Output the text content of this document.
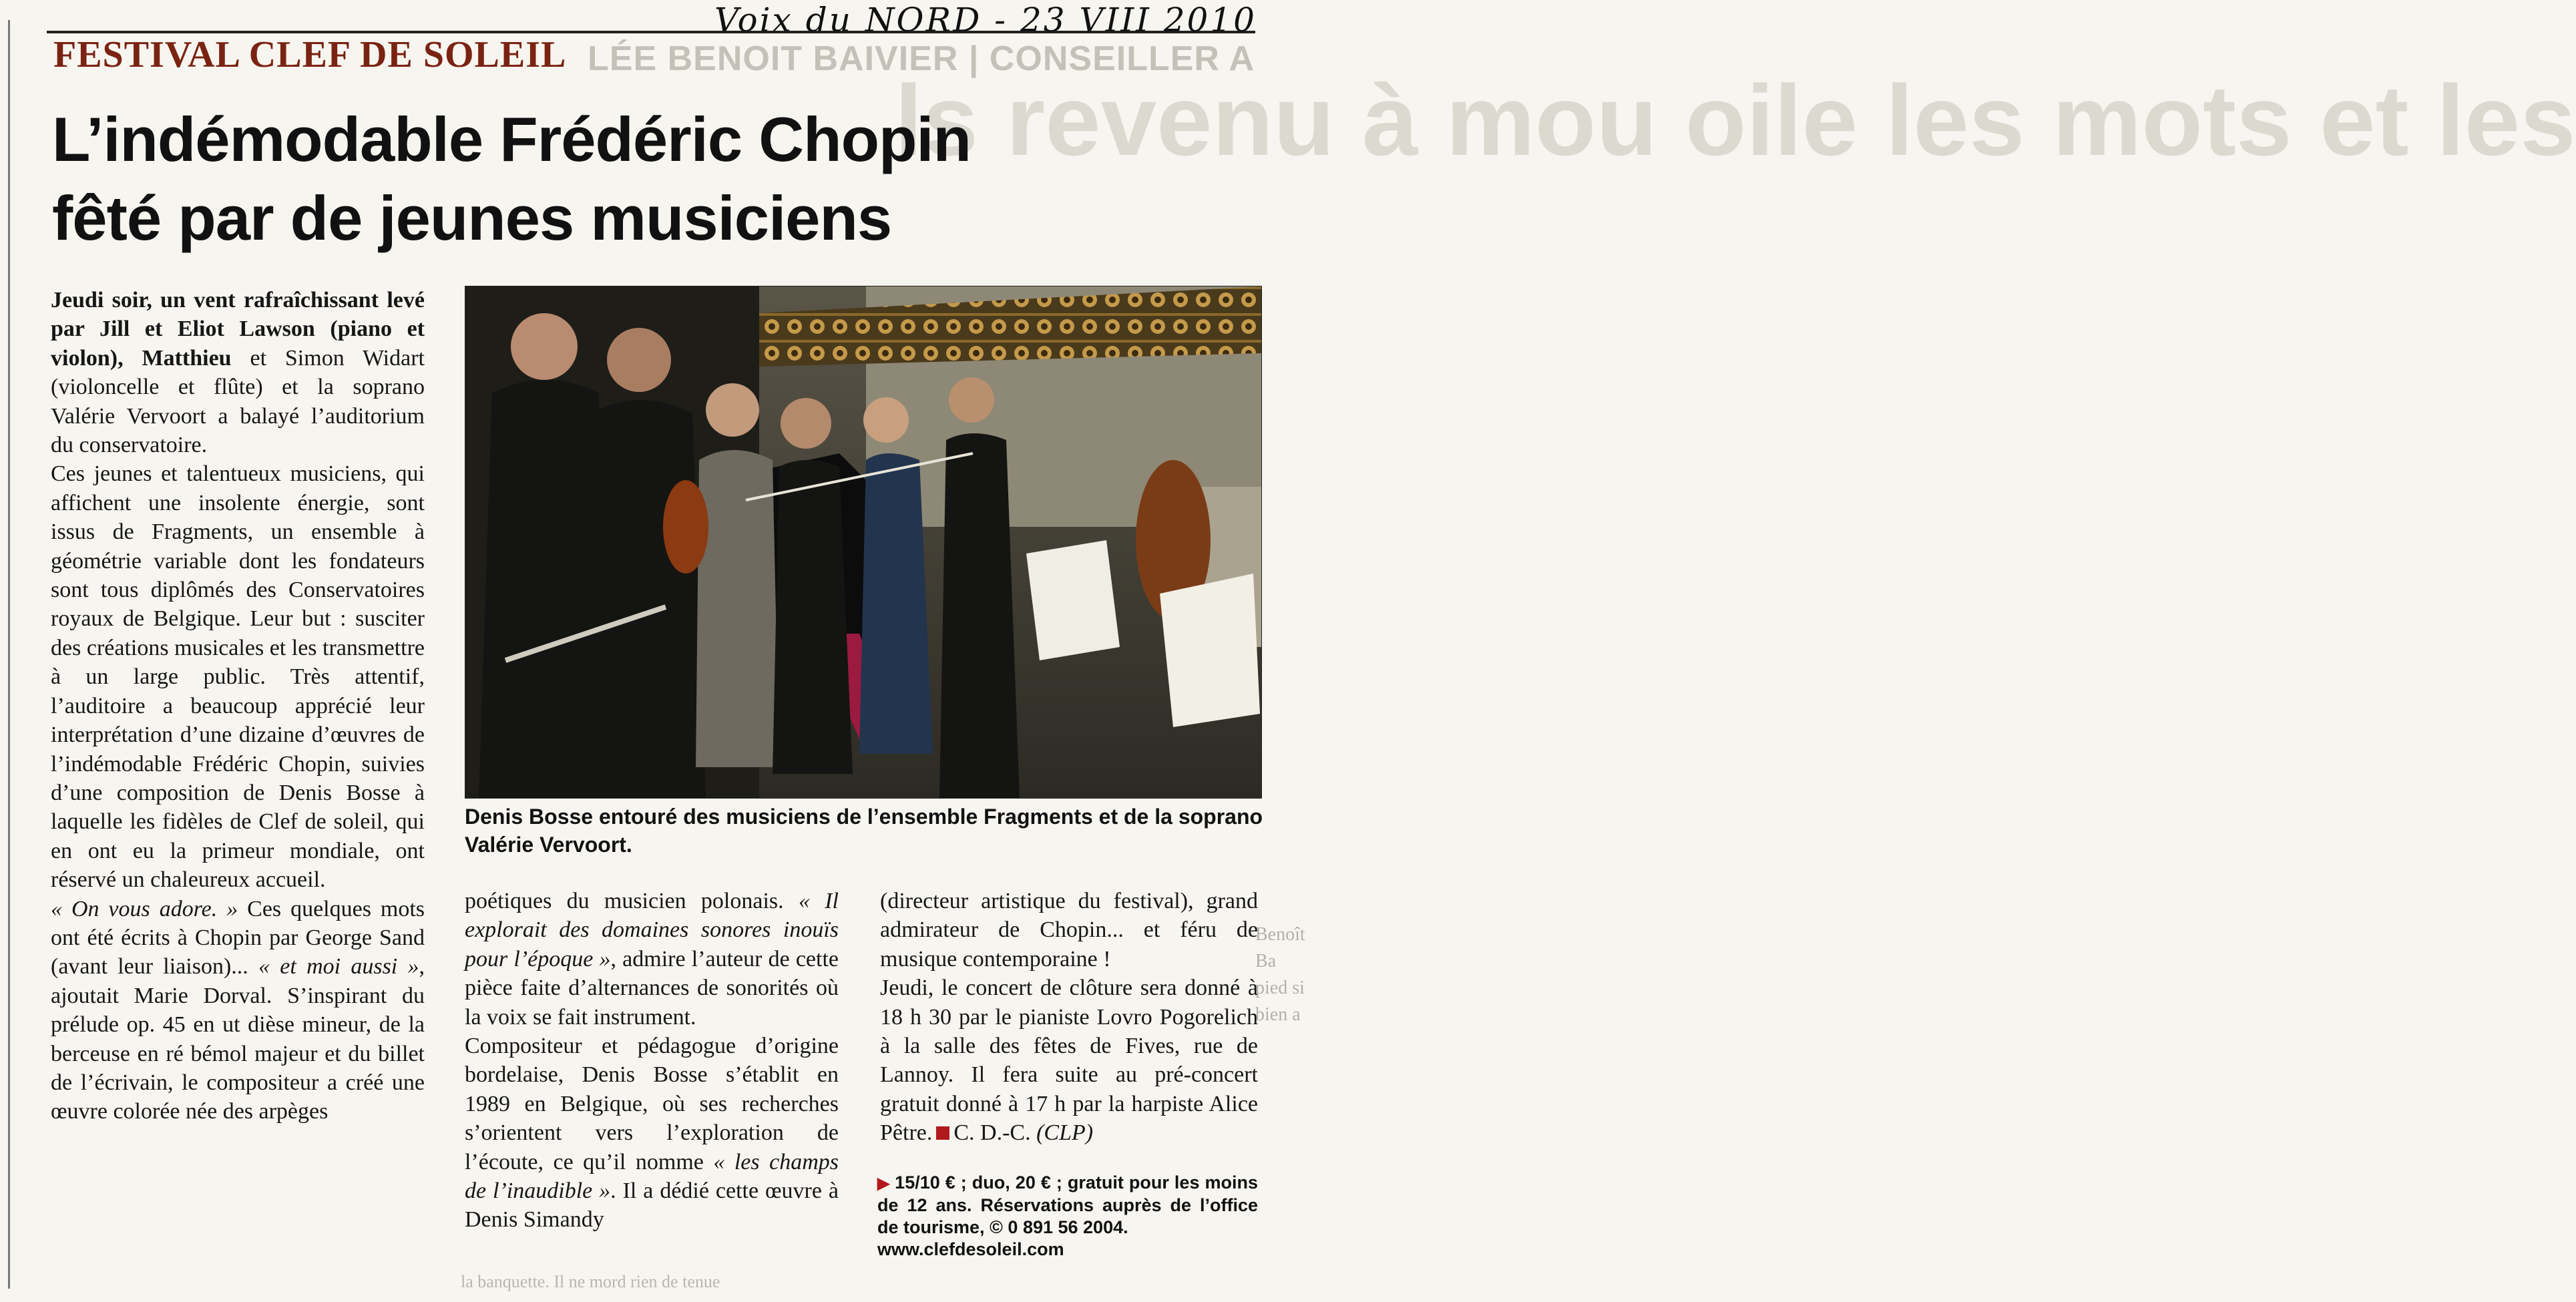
LÉE BENOIT BAIVIER | CONSEILLER A
ls revenu à mou oile les mots et les
la banquette. Il ne mord rien de tenue
Benoît Ba pied si bien a
Voix du NORD - 23 VIII 2010
FESTIVAL CLEF DE SOLEIL
L’indémodable Frédéric Chopin
fêté par de jeunes musiciens

Jeudi soir, un vent rafraîchissant levé par Jill et Eliot Lawson (piano et violon), Matthieu et Simon Widart (violoncelle et flûte) et la soprano Valérie Vervoort a balayé l’auditorium du conservatoire.

Ces jeunes et talentueux musiciens, qui affichent une insolente énergie, sont issus de Fragments, un ensemble à géométrie variable dont les fondateurs sont tous diplômés des Conservatoires royaux de Belgique. Leur but : susciter des créations musicales et les transmettre à un large public. Très attentif, l’auditoire a beaucoup apprécié leur interprétation d’une dizaine d’œuvres de l’indémodable Frédéric Chopin, suivies d’une composition de Denis Bosse à laquelle les fidèles de Clef de soleil, qui en ont eu la primeur mondiale, ont réservé un chaleureux accueil.

« On vous adore. » Ces quelques mots ont été écrits à Chopin par George Sand (avant leur liaison)... « et moi aussi », ajoutait Marie Dorval. S’inspirant du prélude op. 45 en ut dièse mineur, de la berceuse en ré bémol majeur et du billet de l’écrivain, le compositeur a créé une œuvre colorée née des arpèges

Denis Bosse entouré des musiciens de l’ensemble Fragments et de la soprano Valérie Vervoort.

poétiques du musicien polonais. « Il explorait des domaines sonores inouïs pour l’époque », admire l’auteur de cette pièce faite d’alternances de sonorités où la voix se fait instrument.

Compositeur et pédagogue d’origine bordelaise, Denis Bosse s’établit en 1989 en Belgique, où ses recherches s’orientent vers l’exploration de l’écoute, ce qu’il nomme « les champs de l’inaudible ». Il a dédié cette œuvre à Denis Simandy

(directeur artistique du festival), grand admirateur de Chopin... et féru de musique contemporaine !

Jeudi, le concert de clôture sera donné à 18 h 30 par le pianiste Lovro Pogorelich à la salle des fêtes de Fives, rue de Lannoy. Il fera suite au pré-concert gratuit donné à 17 h par la harpiste Alice Pêtre. C. D.-C. (CLP)

▶ 15/10 € ; duo, 20 € ; gratuit pour les moins de 12 ans. Réservations auprès de l’office de tourisme, © 0 891 56 2004.
www.clefdesoleil.com
